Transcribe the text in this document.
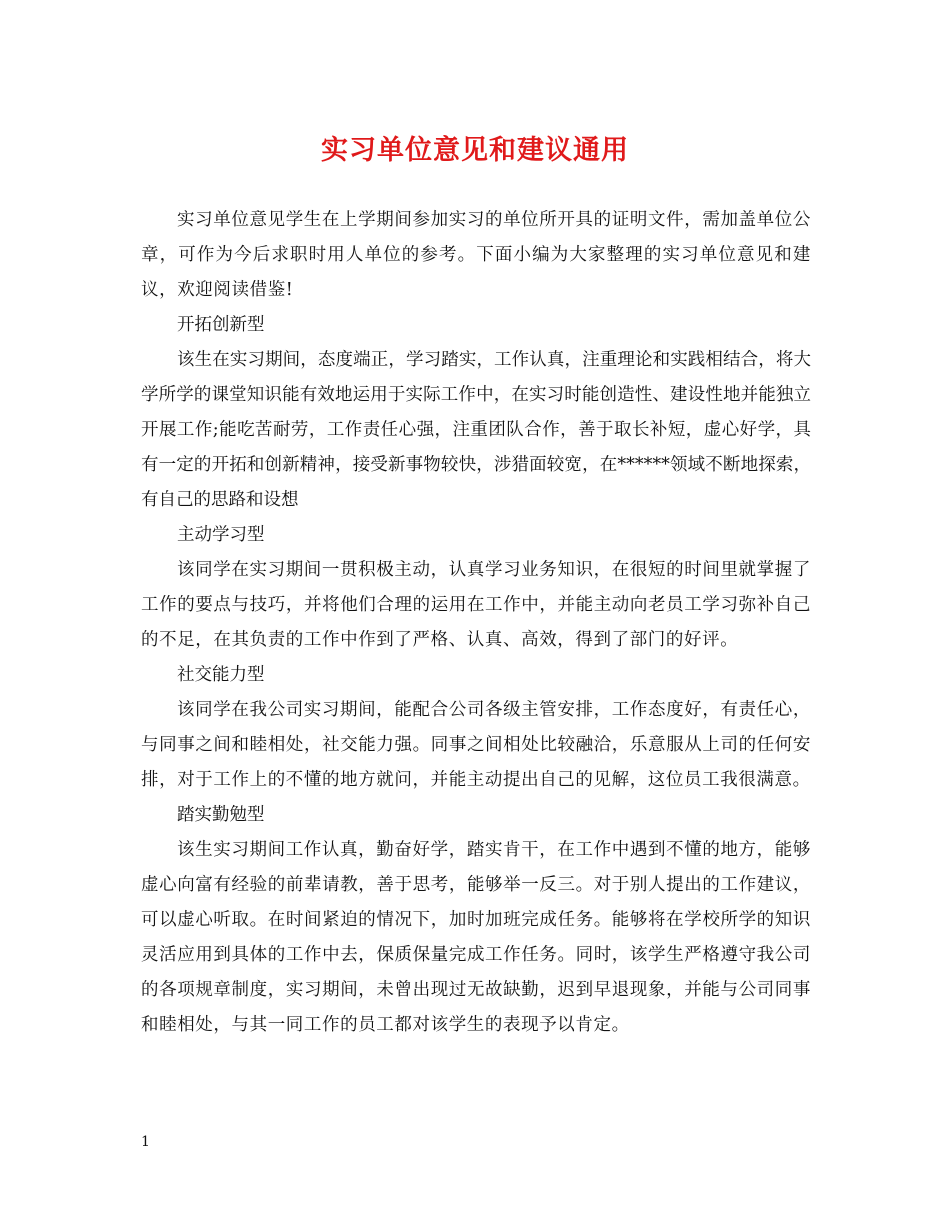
实习单位意见和建议通用

实习单位意见学生在上学期间参加实习的单位所开具的证明文件，需加盖单位公章，可作为今后求职时用人单位的参考。下面小编为大家整理的实习单位意见和建议，欢迎阅读借鉴!

开拓创新型

该生在实习期间，态度端正，学习踏实，工作认真，注重理论和实践相结合，将大学所学的课堂知识能有效地运用于实际工作中，在实习时能创造性、建设性地并能独立开展工作;能吃苦耐劳，工作责任心强，注重团队合作，善于取长补短，虚心好学，具有一定的开拓和创新精神，接受新事物较快，涉猎面较宽，在******领域不断地探索，有自己的思路和设想

主动学习型

该同学在实习期间一贯积极主动，认真学习业务知识，在很短的时间里就掌握了工作的要点与技巧，并将他们合理的运用在工作中，并能主动向老员工学习弥补自己的不足，在其负责的工作中作到了严格、认真、高效，得到了部门的好评。

社交能力型

该同学在我公司实习期间，能配合公司各级主管安排，工作态度好，有责任心，与同事之间和睦相处，社交能力强。同事之间相处比较融洽，乐意服从上司的任何安排，对于工作上的不懂的地方就问，并能主动提出自己的见解，这位员工我很满意。

踏实勤勉型

该生实习期间工作认真，勤奋好学，踏实肯干，在工作中遇到不懂的地方，能够虚心向富有经验的前辈请教，善于思考，能够举一反三。对于别人提出的工作建议，可以虚心听取。在时间紧迫的情况下，加时加班完成任务。能够将在学校所学的知识灵活应用到具体的工作中去，保质保量完成工作任务。同时，该学生严格遵守我公司的各项规章制度，实习期间，未曾出现过无故缺勤，迟到早退现象，并能与公司同事和睦相处，与其一同工作的员工都对该学生的表现予以肯定。

1
